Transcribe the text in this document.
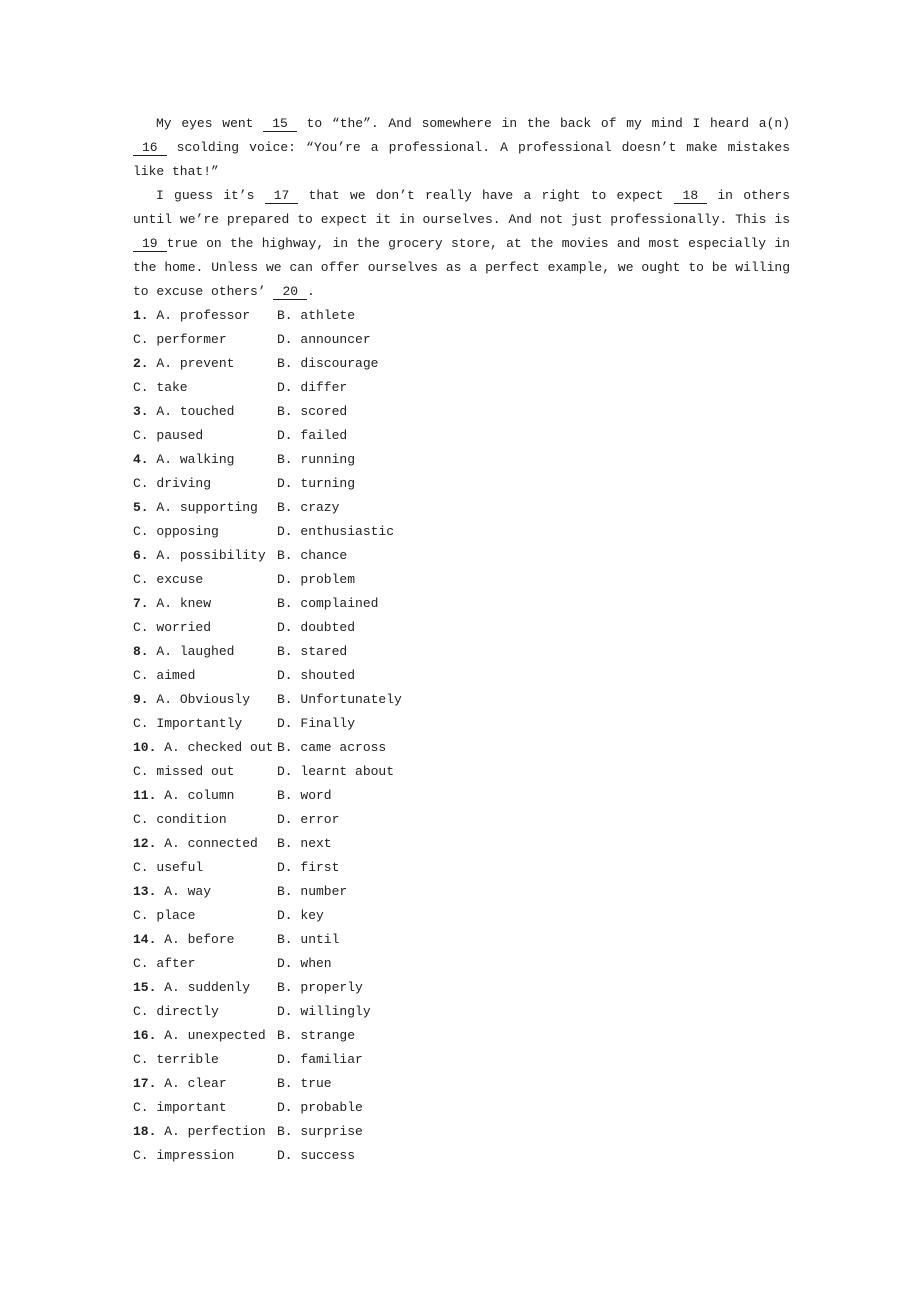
My eyes went 15 to “the”. And somewhere in the back of my mind I heard a(n)
16 scolding voice: “You’re a professional. A professional doesn’t make mistakes
like that!”
I guess it’s 17 that we don’t really have a right to expect 18 in others
until we’re prepared to expect it in ourselves. And not just professionally. This is
19 true on the highway, in the grocery store, at the movies and most especially in
the home. Unless we can offer ourselves as a perfect example, we ought to be willing
to excuse others’ 20 .
1. A. professor	B. athlete
C. performer	D. announcer
2. A. prevent	B. discourage
C. take	D. differ
3. A. touched	B. scored
C. paused	D. failed
4. A. walking	B. running
C. driving	D. turning
5. A. supporting	B. crazy
C. opposing	D. enthusiastic
6. A. possibility B. chance
C. excuse	D. problem
7. A. knew	B. complained
C. worried	D. doubted
8. A. laughed	B. stared
C. aimed	D. shouted
9. A. Obviously	B. Unfortunately
C. Importantly	D. Finally
10. A. checked out B. came across
C. missed out	D. learnt about
11. A. column	B. word
C. condition	D. error
12. A. connected	B. next
C. useful	D. first
13. A. way	B. number
C. place	D. key
14. A. before	B. until
C. after	D. when
15. A. suddenly	B. properly
C. directly	D. willingly
16. A. unexpected B. strange
C. terrible	D. familiar
17. A. clear	B. true
C. important	D. probable
18. A. perfection B. surprise
C. impression	D. success
